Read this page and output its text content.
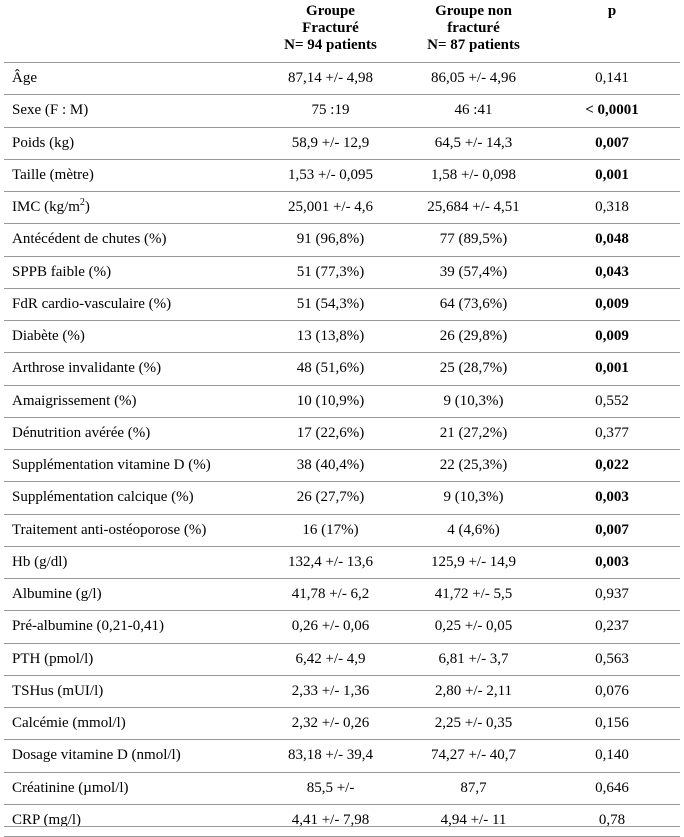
	Groupe
Fracturé
N= 94 patients	Groupe non
fracturé
N= 87 patients	p

Âge	87,14 +/- 4,98	86,05 +/- 4,96	0,141
Sexe (F : M)	75 :19	46 :41	< 0,0001
Poids (kg)	58,9 +/- 12,9	64,5 +/- 14,3	0,007
Taille (mètre)	1,53 +/- 0,095	1,58 +/- 0,098	0,001
IMC $(kg/m^2)$	25,001 +/- 4,6	25,684 +/- 4,51	0,318
Antécédent de chutes (%)	91 (96,8%)	77 (89,5%)	0,048
SPPB faible (%)	51 (77,3%)	39 (57,4%)	0,043
FdR cardio-vasculaire (%)	51 (54,3%)	64 (73,6%)	0,009
Diabète (%)	13 (13,8%)	26 (29,8%)	0,009
Arthrose invalidante (%)	48 (51,6%)	25 (28,7%)	0,001
Amaigrissement (%)	10 (10,9%)	9 (10,3%)	0,552
Dénutrition avérée (%)	17 (22,6%)	21 (27,2%)	0,377
Supplémentation vitamine D (%)	38 (40,4%)	22 (25,3%)	0,022
Supplémentation calcique (%)	26 (27,7%)	9 (10,3%)	0,003
Traitement anti-ostéoporose (%)	16 (17%)	4 (4,6%)	0,007
Hb (g/dl)	132,4 +/- 13,6	125,9 +/- 14,9	0,003
Albumine (g/l)	41,78 +/- 6,2	41,72 +/- 5,5	0,937
Pré-albumine (0,21-0,41)	0,26 +/- 0,06	0,25 +/- 0,05	0,237
PTH (pmol/l)	6,42 +/- 4,9	6,81 +/- 3,7	0,563
TSHus (mUI/l)	2,33 +/- 1,36	2,80 +/- 2,11	0,076
Calcémie (mmol/l)	2,32 +/- 0,26	2,25 +/- 0,35	0,156
Dosage vitamine D (nmol/l)	83,18 +/- 39,4	74,27 +/- 40,7	0,140
Créatinine (µmol/l)	85,5 +/-	87,7	0,646
CRP (mg/l)	4,41 +/- 7,98	4,94 +/- 11	0,78
